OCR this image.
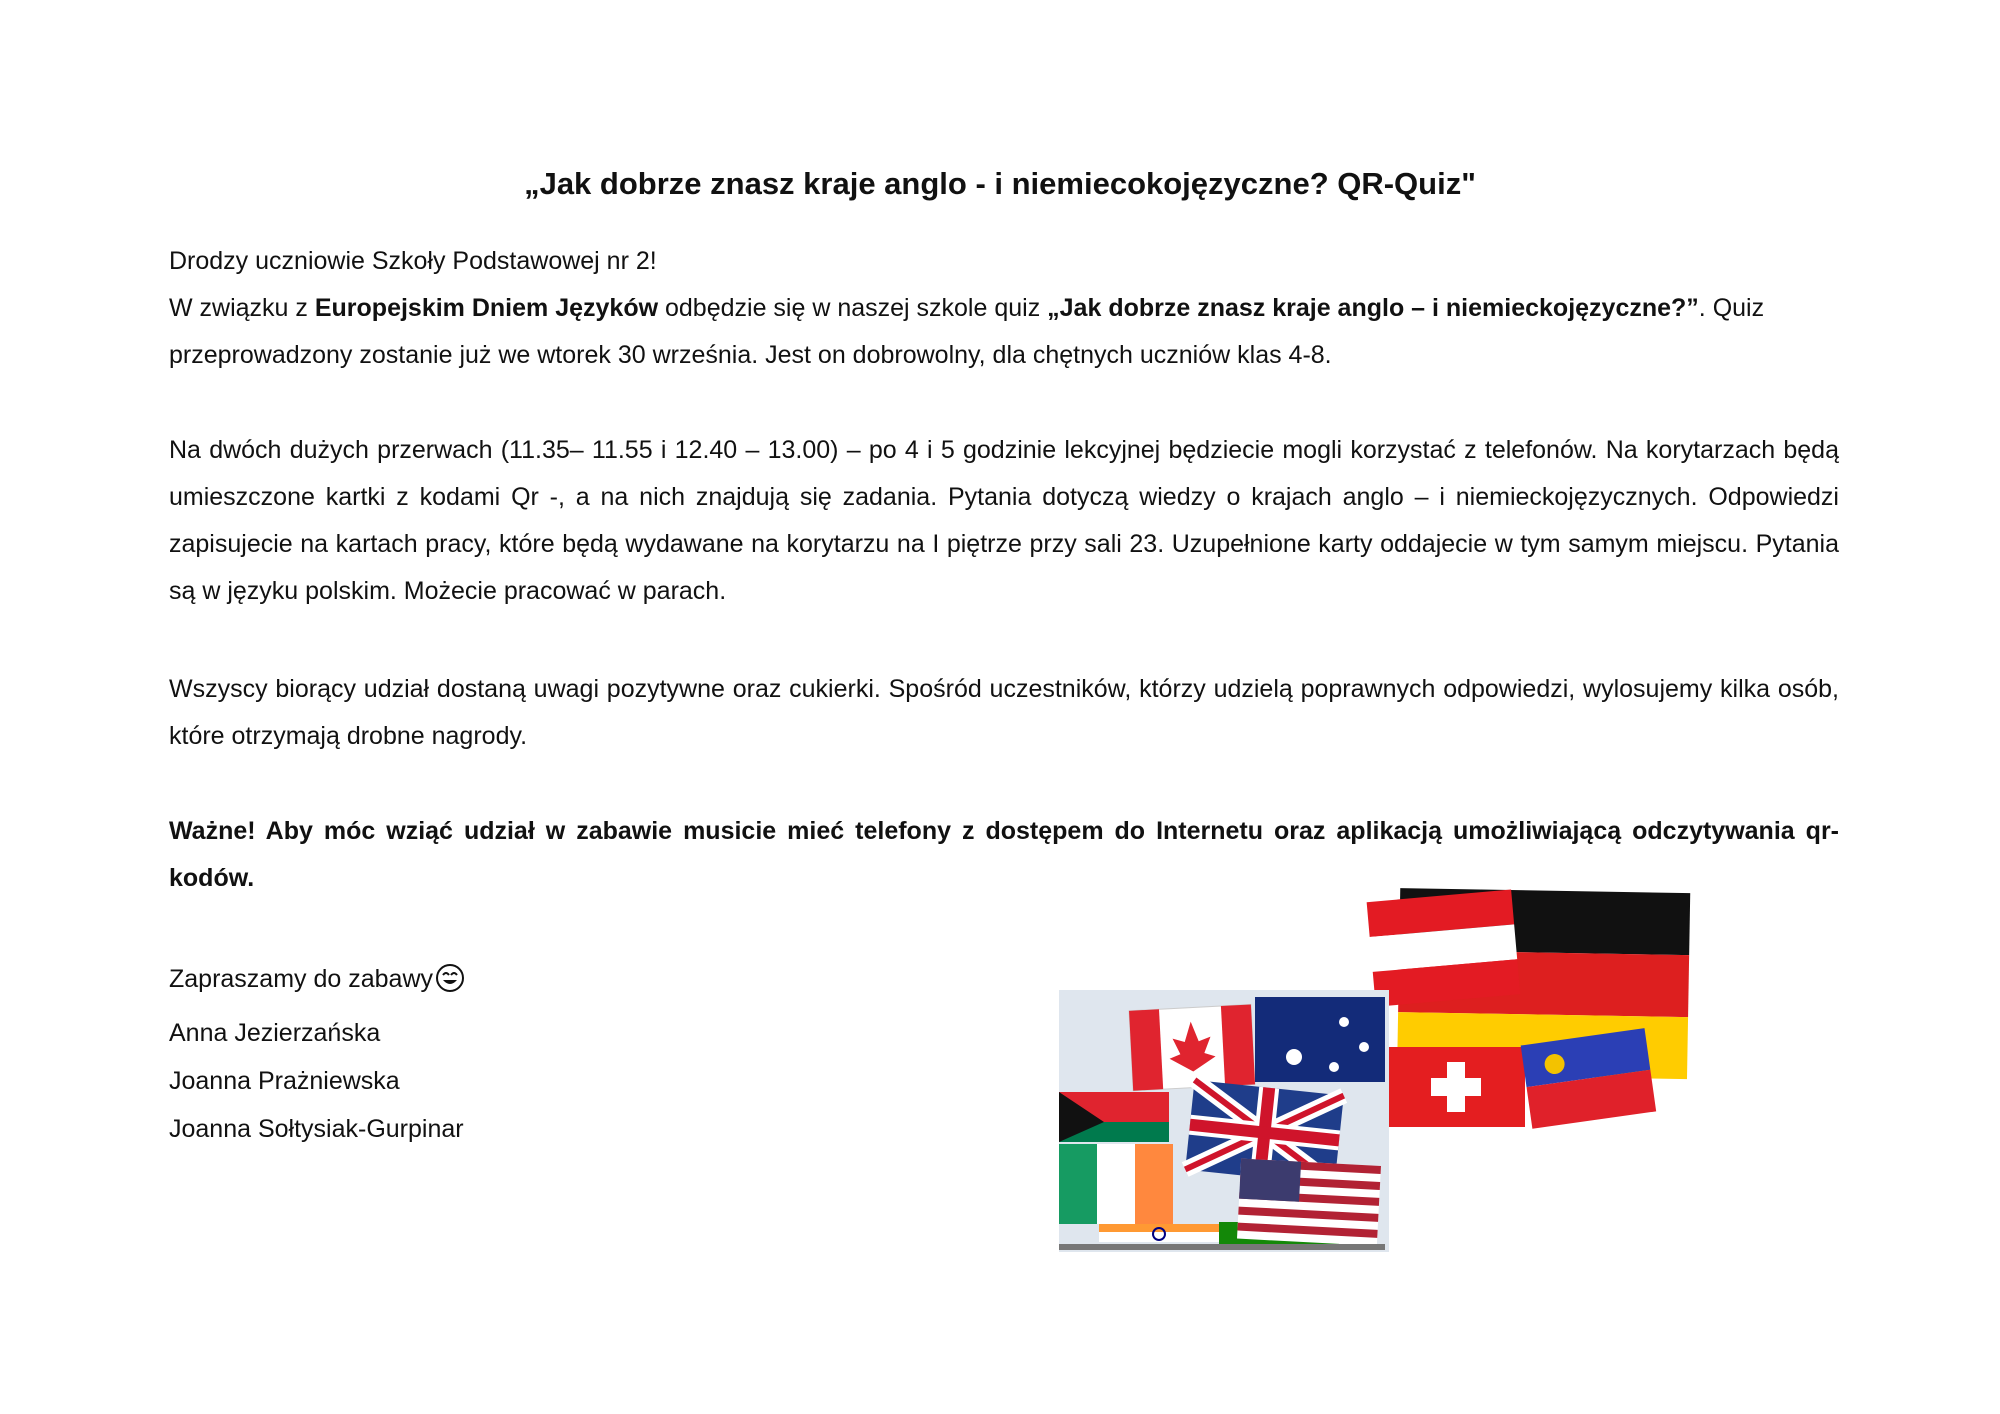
„Jak dobrze znasz kraje anglo - i niemiecokojęzyczne? QR-Quiz"
Drodzy uczniowie Szkoły Podstawowej nr 2!
W związku z Europejskim Dniem Języków odbędzie się w naszej szkole quiz „Jak dobrze znasz kraje anglo – i niemieckojęzyczne?”. Quiz przeprowadzony zostanie już we wtorek 30 września. Jest on dobrowolny, dla chętnych uczniów klas 4-8.
Na dwóch dużych przerwach (11.35– 11.55 i 12.40 – 13.00) – po 4 i 5 godzinie lekcyjnej będziecie mogli korzystać z telefonów. Na korytarzach będą umieszczone kartki z kodami Qr -, a na nich znajdują się zadania. Pytania dotyczą wiedzy o krajach anglo – i niemieckojęzycznych. Odpowiedzi zapisujecie na kartach pracy, które będą wydawane na korytarzu na I piętrze przy sali 23. Uzupełnione karty oddajecie w tym samym miejscu. Pytania są w języku polskim. Możecie pracować w parach.
Wszyscy biorący udział dostaną uwagi pozytywne oraz cukierki. Spośród uczestników, którzy udzielą poprawnych odpowiedzi, wylosujemy kilka osób, które otrzymają drobne nagrody.
Ważne! Aby móc wziąć udział w zabawie musicie mieć telefony z dostępem do Internetu oraz aplikacją umożliwiającą odczytywania qr-kodów.
Zapraszamy do zabawy
Anna Jezierzańska
Joanna Prażniewska
Joanna Sołtysiak-Gurpinar
